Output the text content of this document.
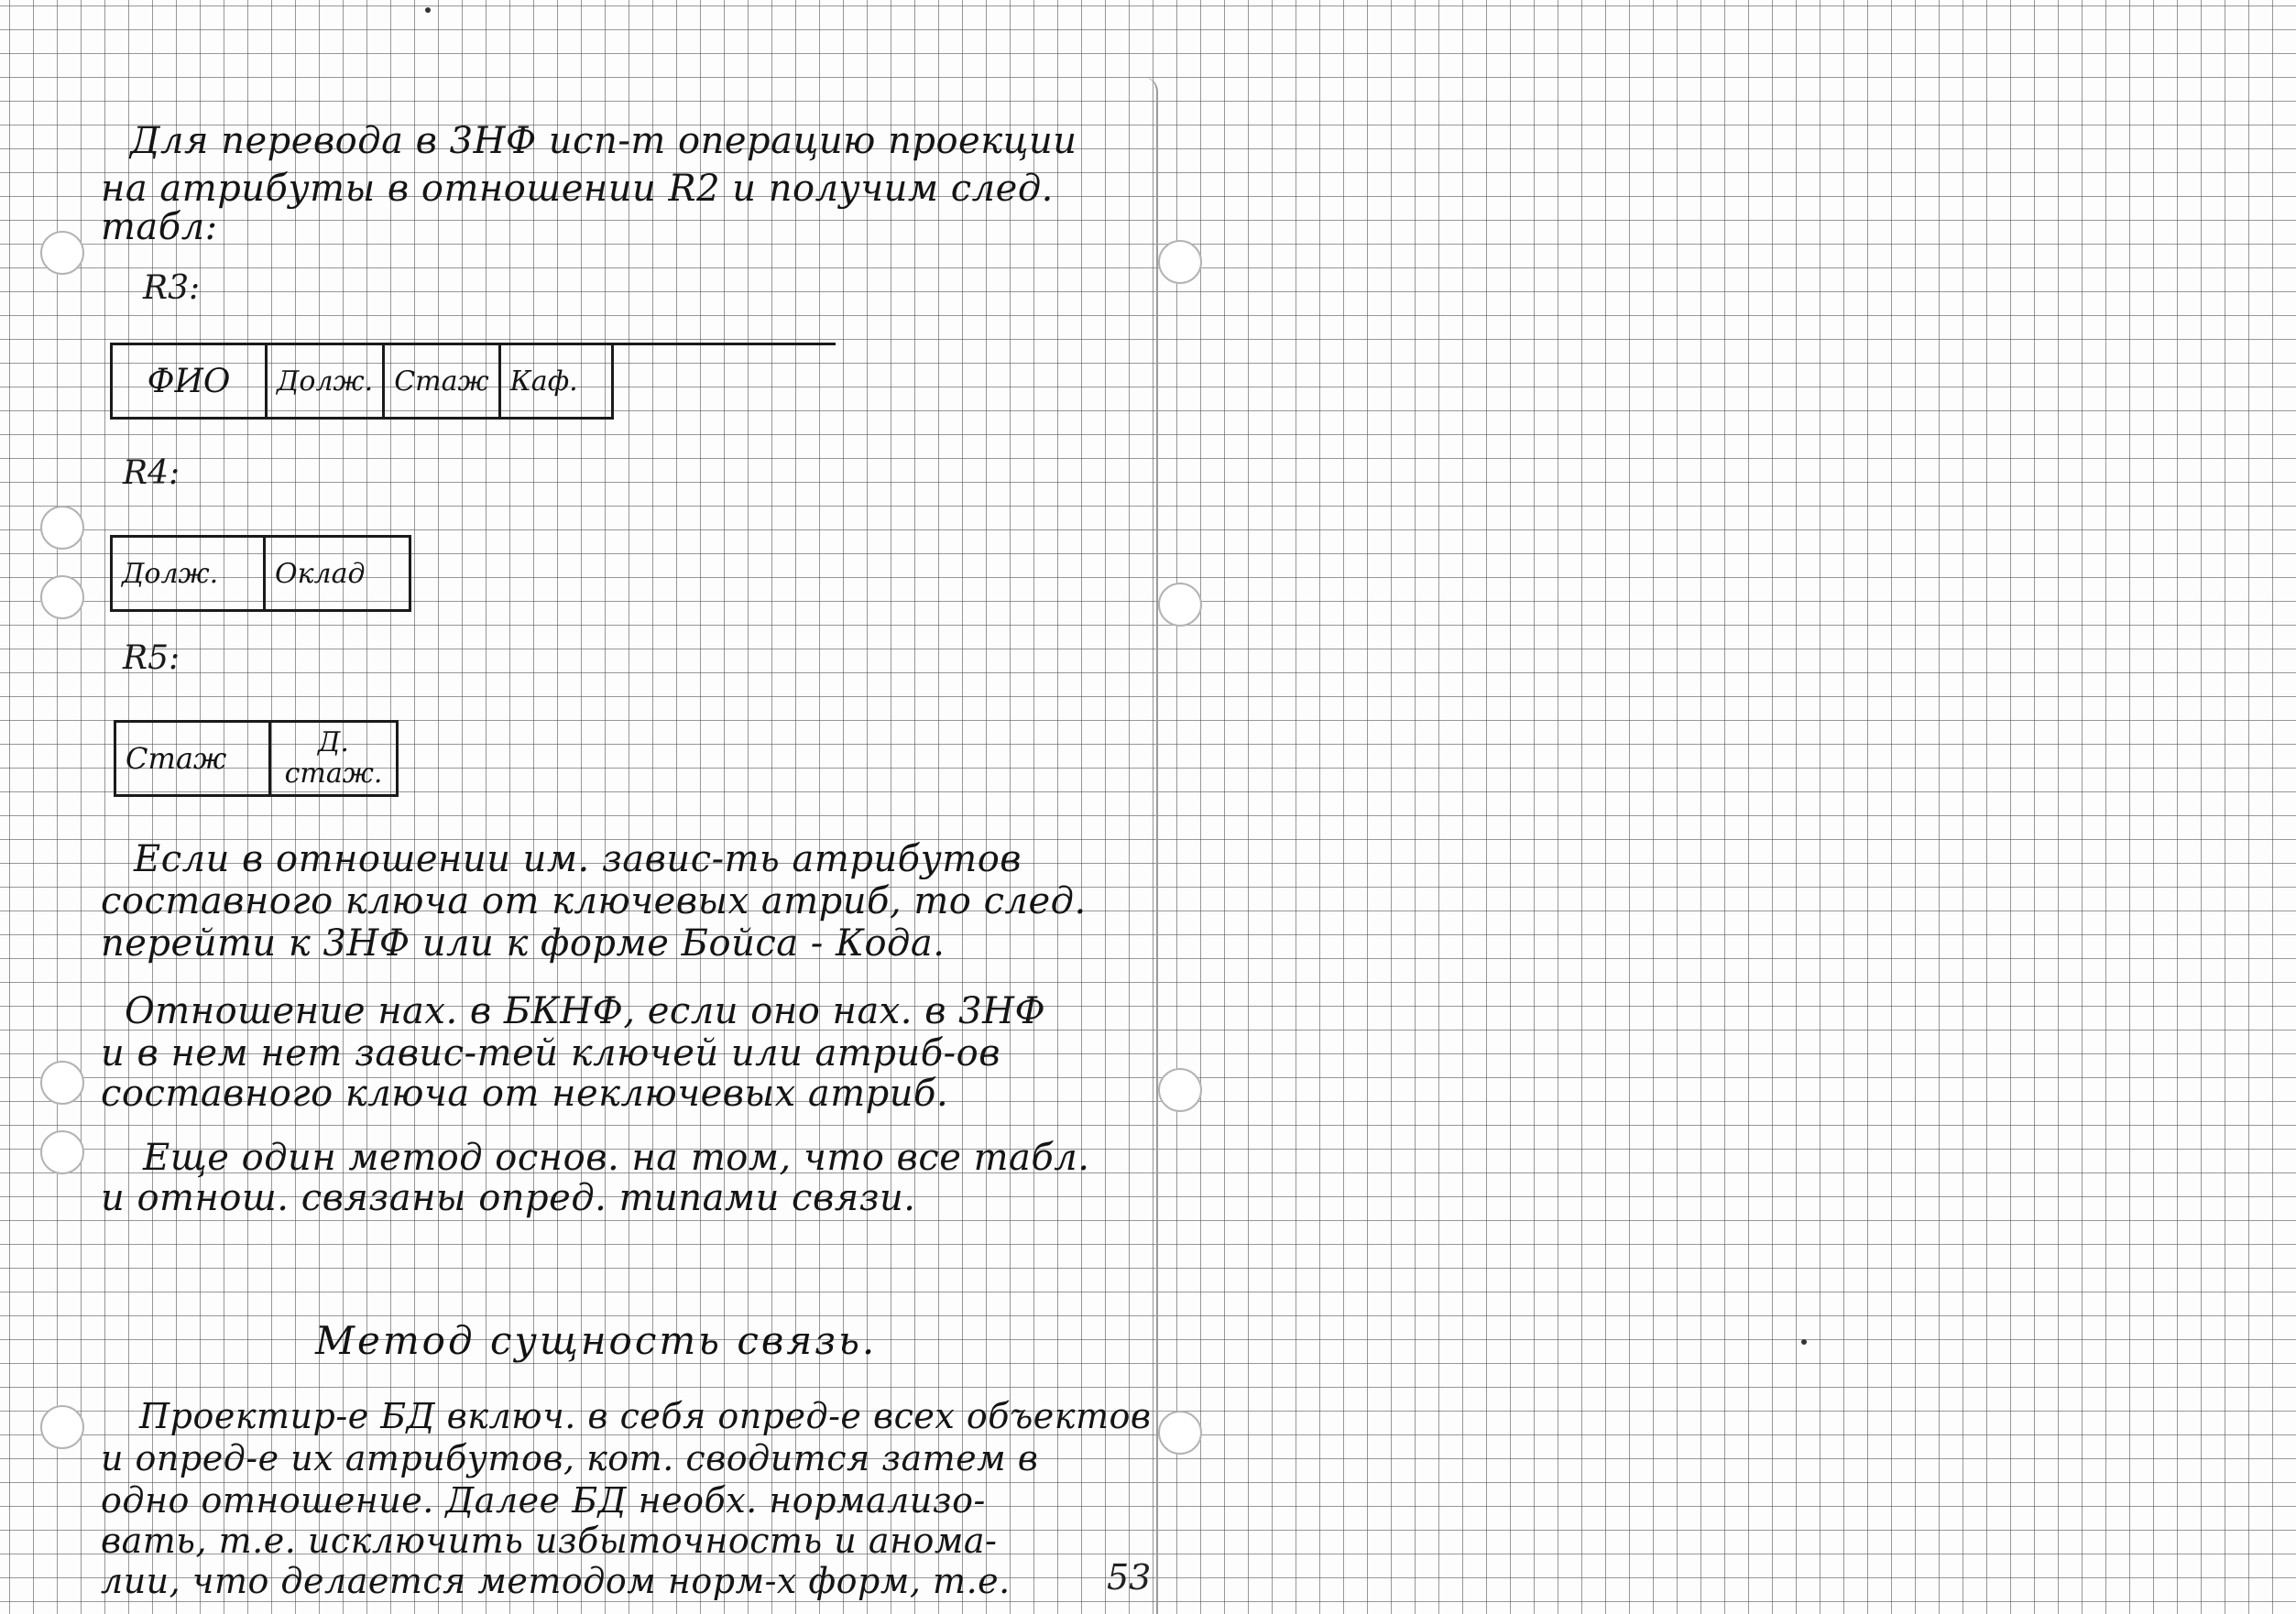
Для перевода в 3НФ исп-т операцию проекции
на атрибуты в отношении R2 и получим след.
табл:
R3:
ФИО	Долж.	Стаж	Каф.
R4:
Долж.	Оклад
R5:
Стаж	Д. стаж.
Если в отношении им. завис-ть атрибутов
составного ключа от ключевых атриб, то след.
перейти к 3НФ или к форме Бойса - Кода.
Отношение нах. в БКНФ, если оно нах. в 3НФ
и в нем нет завис-тей ключей или атриб-ов
составного ключа от неключевых атриб.
Еще один метод основ. на том, что все табл.
и отнош. связаны опред. типами связи.
Метод сущность связь.
Проектир-е БД включ. в себя опред-е всех объектов
и опред-е их атрибутов, кот. сводится затем в
одно отношение. Далее БД необх. нормализо-
вать, т.е. исключить избыточность и анома-
лии, что делается методом норм-х форм, т.е.	53
